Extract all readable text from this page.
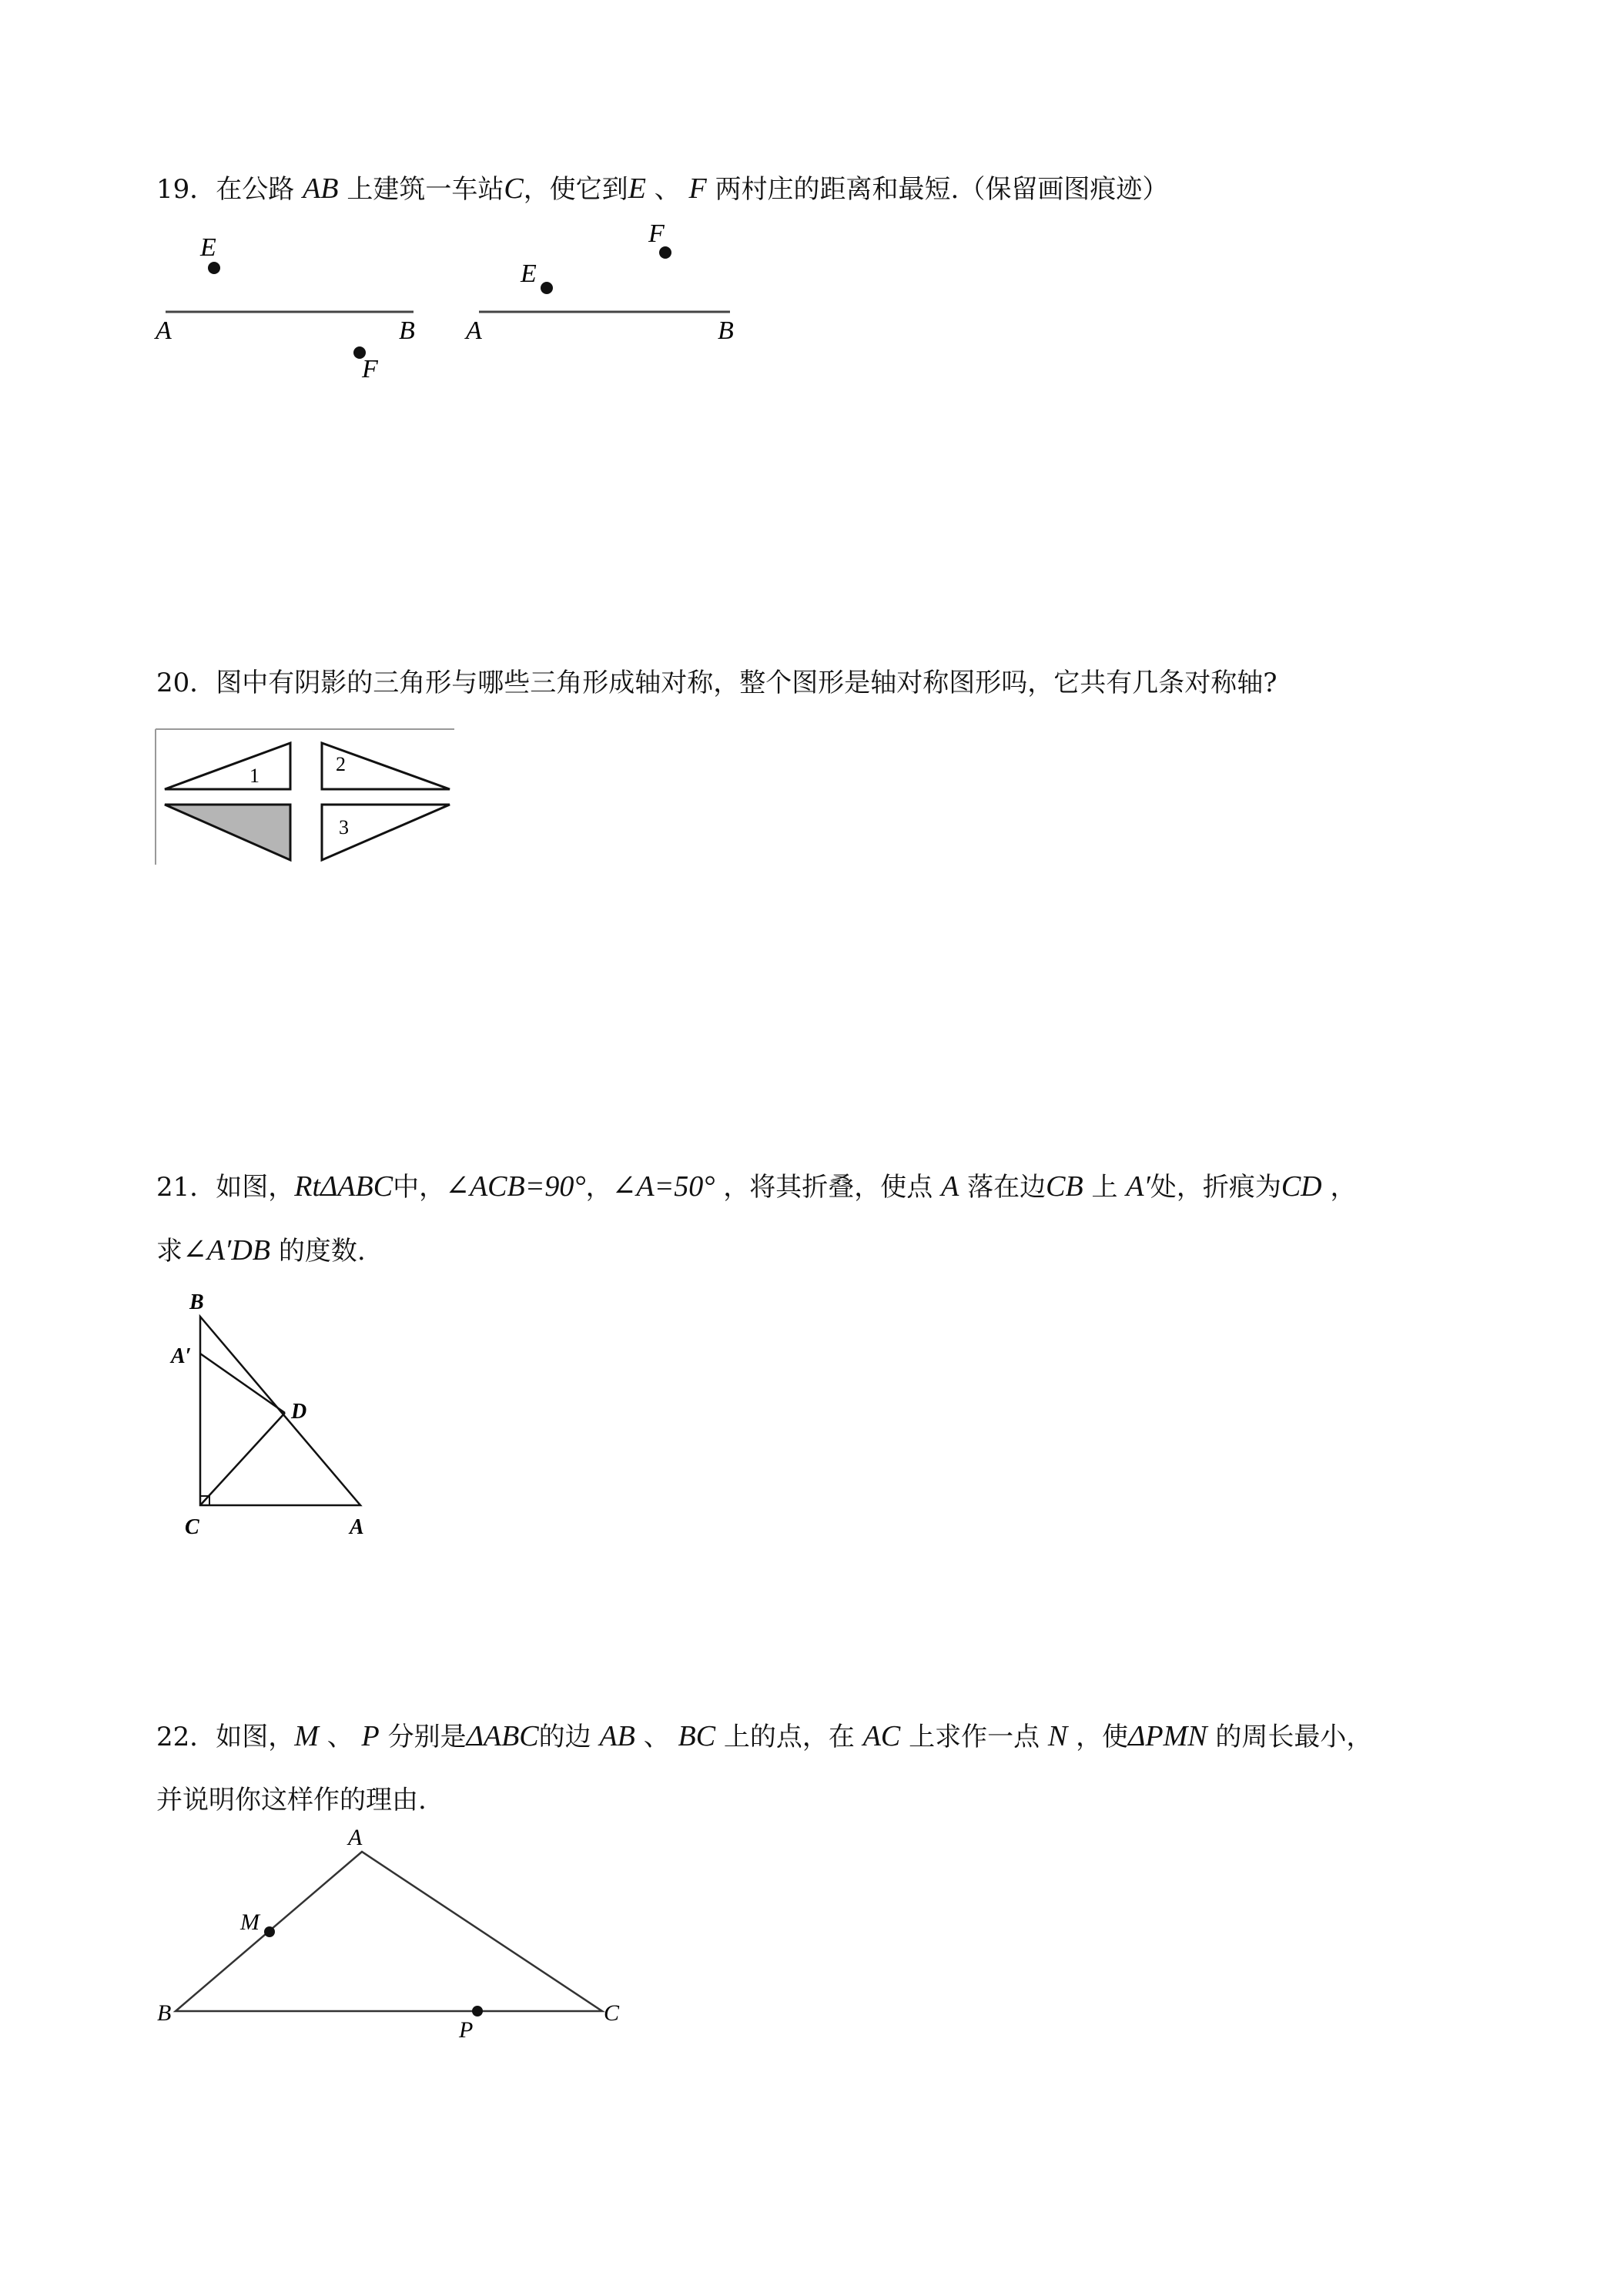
19．在公路 AB 上建筑一车站C，使它到E 、 F 两村庄的距离和最短.（保留画图痕迹）
E
F
A	B
E
F
A	B
20．图中有阴影的三角形与哪些三角形成轴对称，整个图形是轴对称图形吗，它共有几条对称轴?
1
2
3
21．如图，RtΔABC中，∠ACB=90°，∠A=50° ，将其折叠，使点 A 落在边CB 上 A′处，折痕为CD ，
求∠A′DB 的度数.
B
A′
D
C	A
22．如图，M 、 P 分别是ΔABC的边 AB 、 BC 上的点，在 AC 上求作一点 N ，使ΔPMN 的周长最小，
并说明你这样作的理由.
A
M
B
P
C
